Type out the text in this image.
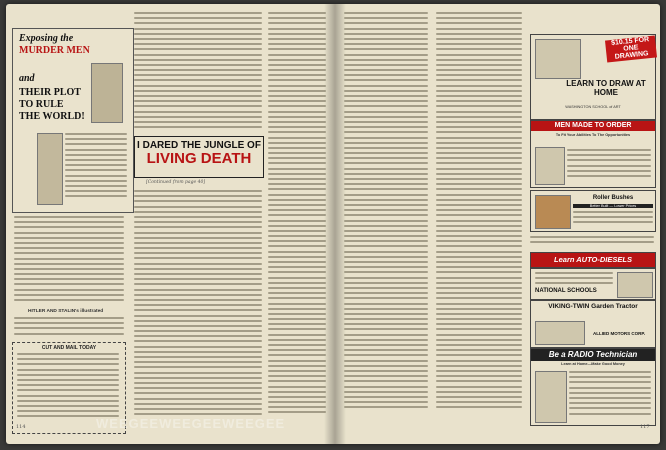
Exposing the
MURDER MEN
and
THEIR PLOT
TO RULE
THE WORLD!
HITLER AND STALIN's illustrated
CUT AND MAIL TODAY
I DARED THE JUNGLE OF
LIVING DEATH
[Continued from page 40]
114
LEARN TO DRAW AT HOME
WASHINGTON SCHOOL of ART
$10.15 FOR ONE DRAWING
MEN MADE TO ORDER
To Fit Your Abilities To The Opportunities
Roller Bushes
Better Built — Lower Prices
Learn AUTO-DIESELS
NATIONAL SCHOOLS
VIKING-TWIN Garden Tractor
ALLIED MOTORS CORP.
Be a RADIO Technician
Learn at Home—Make Good Money
117
WEEGEEWEEGEEWEEGEE
